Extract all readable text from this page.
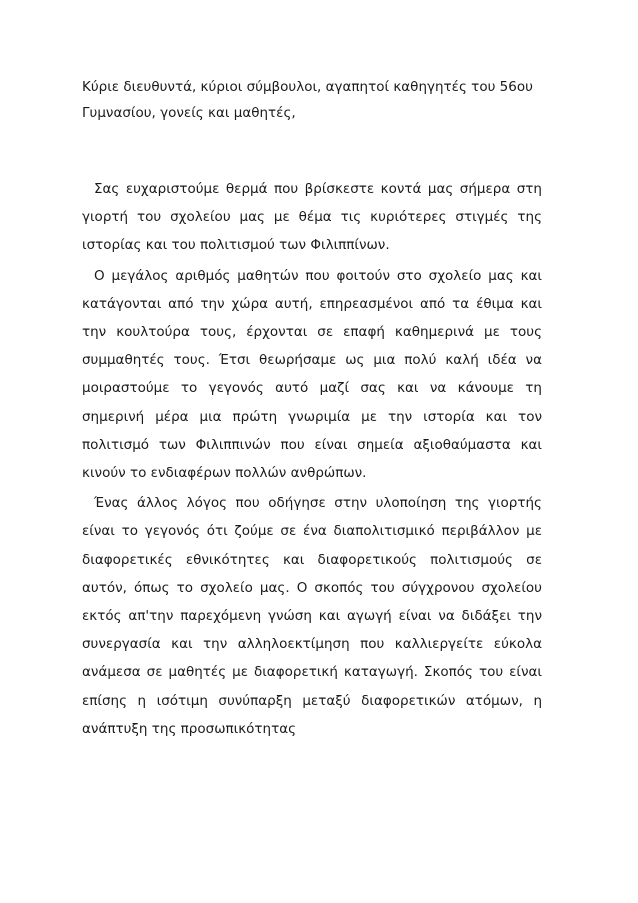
Κύριε διευθυντά, κύριοι σύμβουλοι, αγαπητοί καθηγητές του 56ου Γυμνασίου, γονείς και μαθητές,

Σας ευχαριστούμε θερμά που βρίσκεστε κοντά μας σήμερα στη γιορτή του σχολείου μας με θέμα τις κυριότερες στιγμές της ιστορίας και του πολιτισμού των Φιλιππίνων.

Ο μεγάλος αριθμός μαθητών που φοιτούν στο σχολείο μας και κατάγονται από την χώρα αυτή, επηρεασμένοι από τα έθιμα και την κουλτούρα τους, έρχονται σε επαφή καθημερινά με τους συμμαθητές τους. Έτσι θεωρήσαμε ως μια πολύ καλή ιδέα να μοιραστούμε το γεγονός αυτό μαζί σας και να κάνουμε τη σημερινή μέρα μια πρώτη γνωριμία με την ιστορία και τον πολιτισμό των Φιλιππινών που είναι σημεία αξιοθαύμαστα και κινούν το ενδιαφέρων πολλών ανθρώπων.

Ένας άλλος λόγος που οδήγησε στην υλοποίηση της γιορτής είναι το γεγονός ότι ζούμε σε ένα διαπολιτισμικό περιβάλλον με διαφορετικές εθνικότητες και διαφορετικούς πολιτισμούς σε αυτόν, όπως το σχολείο μας. Ο σκοπός του σύγχρονου σχολείου εκτός απ'την παρεχόμενη γνώση και αγωγή είναι να διδάξει την συνεργασία και την αλληλοεκτίμηση που καλλιεργείτε εύκολα ανάμεσα σε μαθητές με διαφορετική καταγωγή. Σκοπός του είναι επίσης η ισότιμη συνύπαρξη μεταξύ διαφορετικών ατόμων, η ανάπτυξη της προσωπικότητας
